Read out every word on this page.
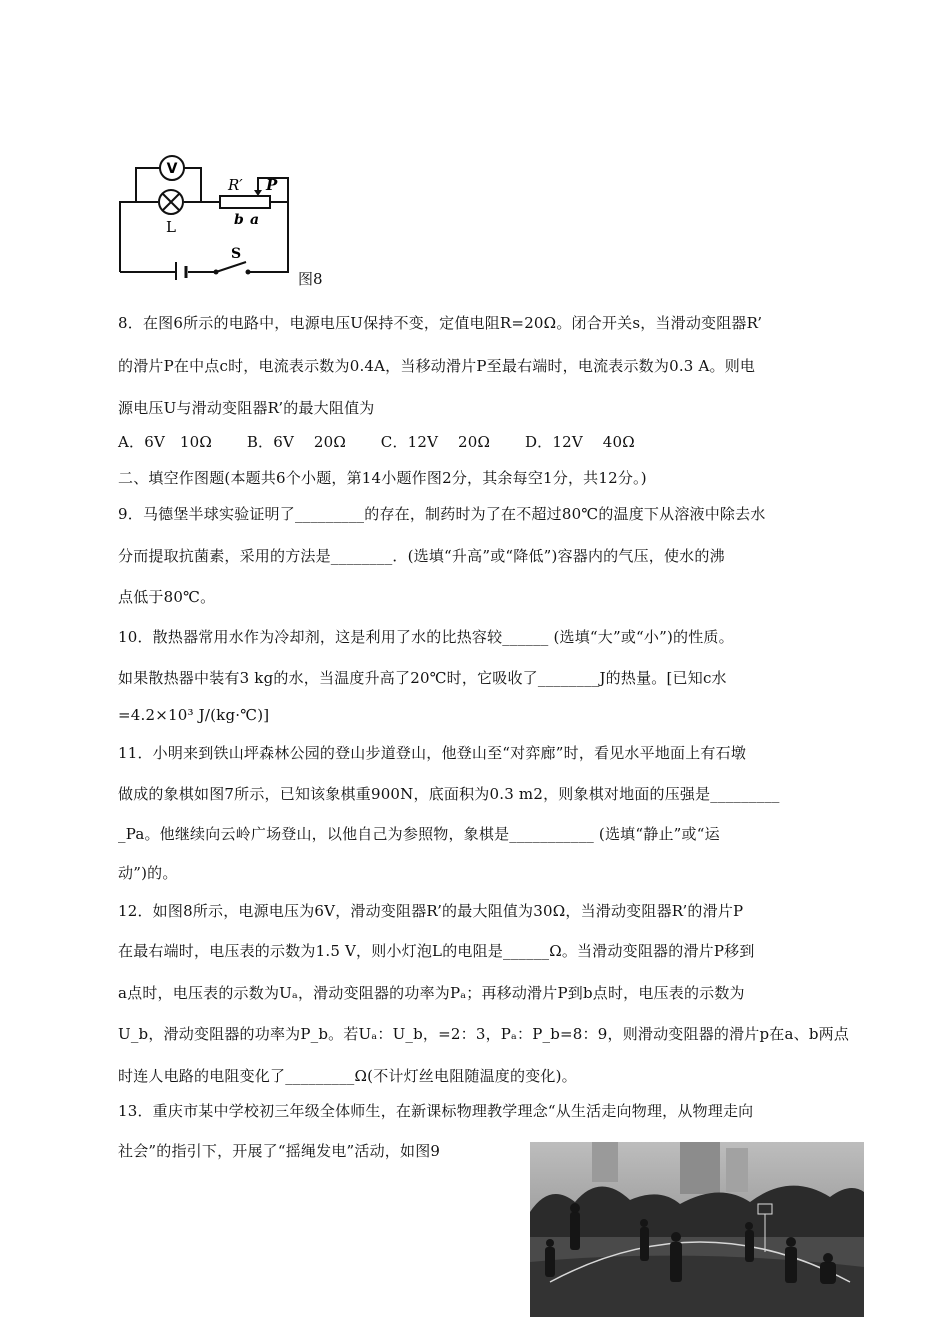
V
L
R′ P
b a
S
图8
8．在图6所示的电路中，电源电压U保持不变，定值电阻R=20Ω。闭合开关s，当滑动变阻器R’
的滑片P在中点c时，电流表示数为0.4A，当移动滑片P至最右端时，电流表示数为0.3 A。则电
源电压U与滑动变阻器R’的最大阻值为
A．6V   10Ω       B．6V    20Ω       C．12V    20Ω       D．12V    40Ω
二、填空作图题(本题共6个小题，第14小题作图2分，其余每空1分，共12分。)
9．马德堡半球实验证明了_________的存在，制药时为了在不超过80℃的温度下从溶液中除去水
分而提取抗菌素，采用的方法是________．(选填“升高”或“降低”)容器内的气压，使水的沸
点低于80℃。
10．散热器常用水作为冷却剂，这是利用了水的比热容较______ (选填“大”或“小”)的性质。
如果散热器中装有3 kg的水，当温度升高了20℃时，它吸收了________J的热量。[已知c水
=4.2×10³ J/(kg·℃)]
11．小明来到铁山坪森林公园的登山步道登山，他登山至“对弈廊”时，看见水平地面上有石墩
做成的象棋如图7所示，已知该象棋重900N，底面积为0.3 m2，则象棋对地面的压强是_________
_Pa。他继续向云岭广场登山，以他自己为参照物，象棋是___________ (选填“静止”或“运
动”)的。
12．如图8所示，电源电压为6V，滑动变阻器R’的最大阻值为30Ω，当滑动变阻器R’的滑片P
在最右端时，电压表的示数为1.5 V，则小灯泡L的电阻是______Ω。当滑动变阻器的滑片P移到
a点时，电压表的示数为Uₐ，滑动变阻器的功率为Pₐ；再移动滑片P到b点时，电压表的示数为
U_b，滑动变阻器的功率为P_b。若Uₐ：U_b，=2：3，Pₐ：P_b=8：9，则滑动变阻器的滑片p在a、b两点
时连人电路的电阻变化了_________Ω(不计灯丝电阻随温度的变化)。
13．重庆市某中学校初三年级全体师生，在新课标物理教学理念“从生活走向物理，从物理走向
社会”的指引下，开展了“摇绳发电”活动，如图9
